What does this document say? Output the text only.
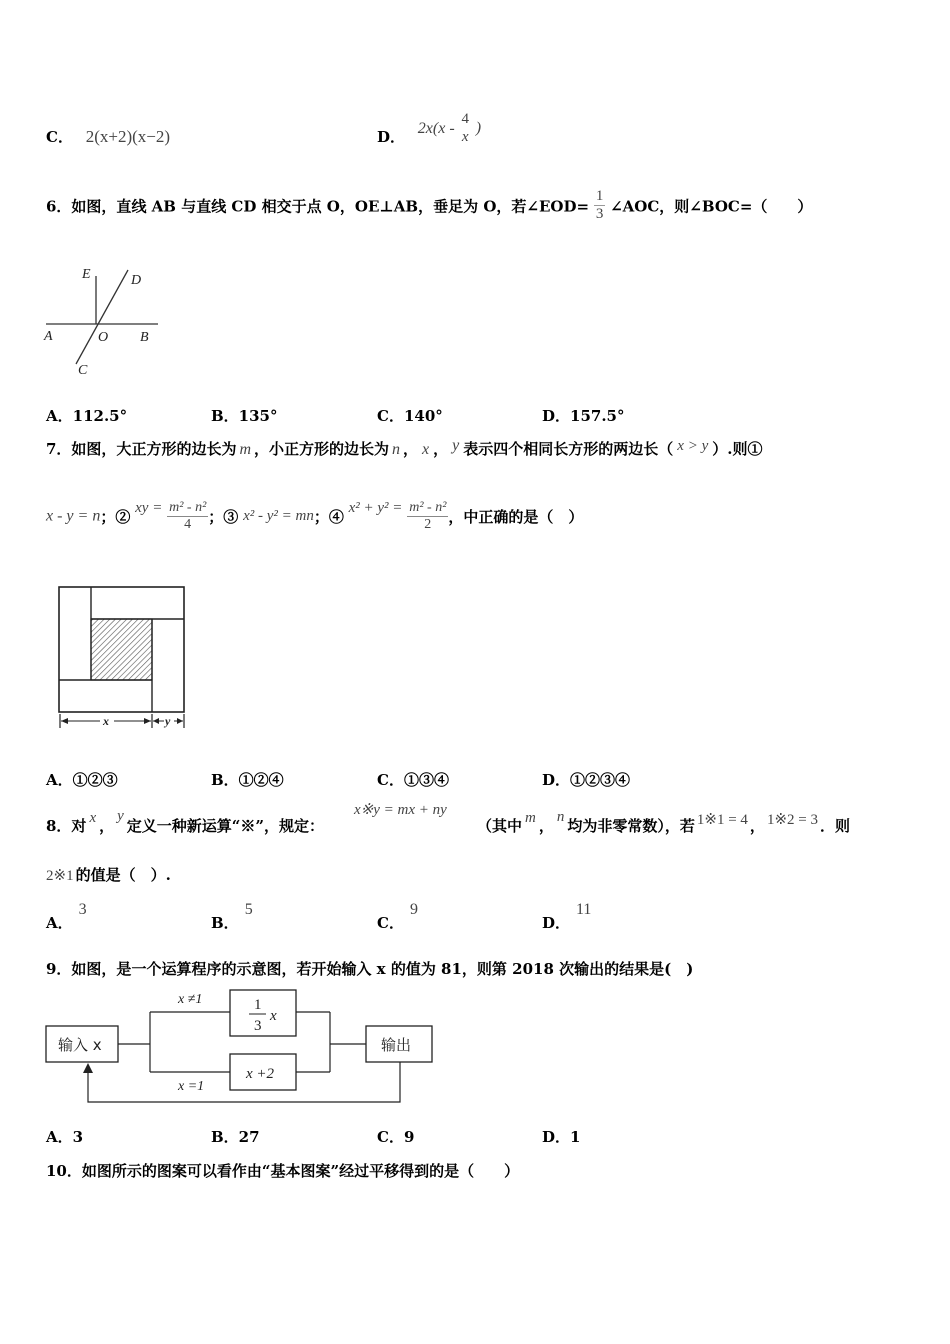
C． 2(x+2)(x−2)	D． 2x(x -
4
x )
6．如图，直线 AB 与直线 CD 相交于点 O，OE⊥AB，垂足为 O，若∠EOD= $\frac{1}{3}$ ∠AOC，则∠BOC=（　　）
E	D
A	O B
C
A．112.5°	B．135°	C．140°	D．157.5°
7．如图，大正方形的边长为 m ，小正方形的边长为 n ， x ， y 表示四个相同长方形的两边长（ x > y ）.则①
x - y = n；② xy = $\frac{\text{m² - n²}}{4}$ ；③ x² - y² = mn；④ $x^2 + y^2 = \frac{\text{m² - n²}}{2}$ ，中正确的是（　）
x	y
A．①②③	B．①②④	C．①③④	D．①②③④
8．对 x ，y定义一种新运算“※”，规定：
x※y = mx + ny
（其中 m ， n 均为非零常数），若 1※1 = 4 ， 1※2 = 3 ．则
2※1 的值是（　）.
A．3
B．5
C．9
D．11
9．如图，是一个运算程序的示意图，若开始输入 x 的值为 81，则第 2018 次输出的结果是(　)
输入 x	输出
1
3
x
x +2
x ≠1
x =1
A．3	B．27	C．9	D．1
10．如图所示的图案可以看作由“基本图案”经过平移得到的是（　　）
